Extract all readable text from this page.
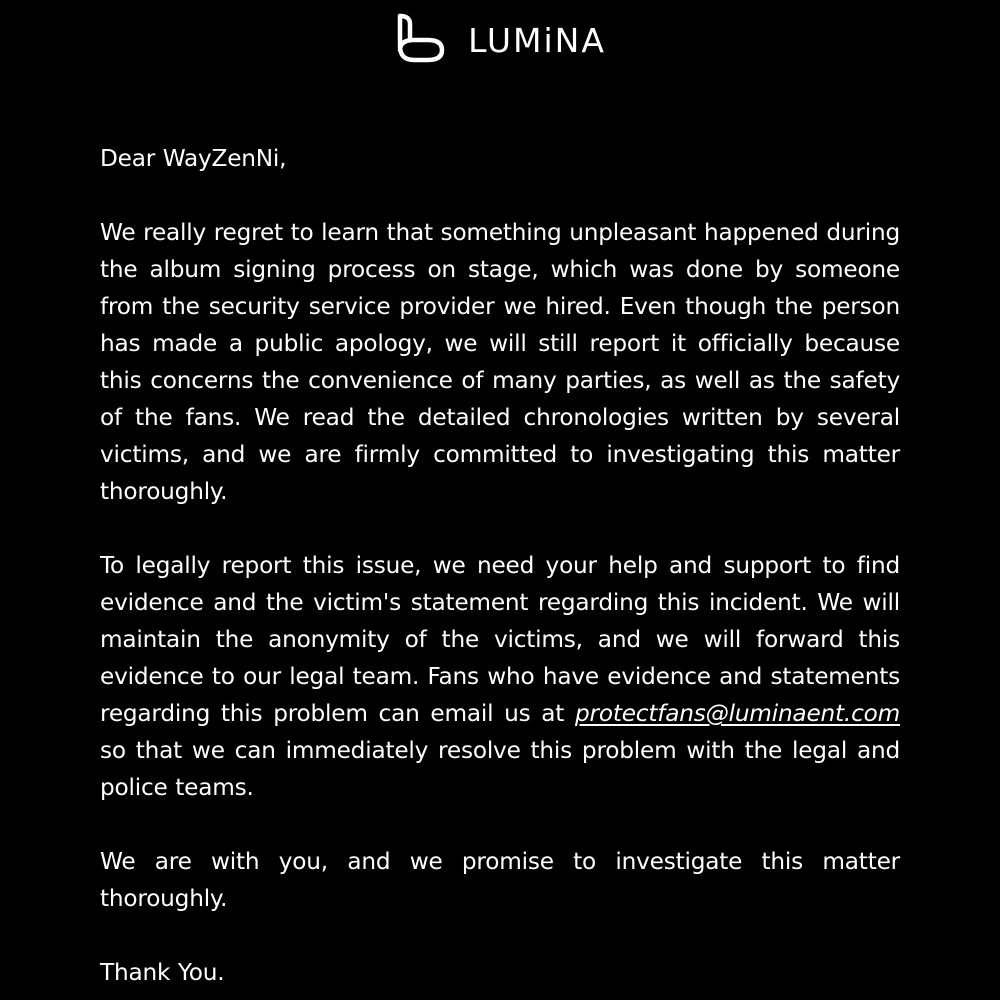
LUMiNA

Dear WayZenNi,

We really regret to learn that something unpleasant happened during the album signing process on stage, which was done by someone from the security service provider we hired. Even though the person has made a public apology, we will still report it officially because this concerns the convenience of many parties, as well as the safety of the fans. We read the detailed chronologies written by several victims, and we are firmly committed to investigating this matter thoroughly.

To legally report this issue, we need your help and support to find evidence and the victim's statement regarding this incident. We will maintain the anonymity of the victims, and we will forward this evidence to our legal team. Fans who have evidence and statements regarding this problem can email us at protectfans@luminaent.com so that we can immediately resolve this problem with the legal and police teams.

We are with you, and we promise to investigate this matter thoroughly.

Thank You.
